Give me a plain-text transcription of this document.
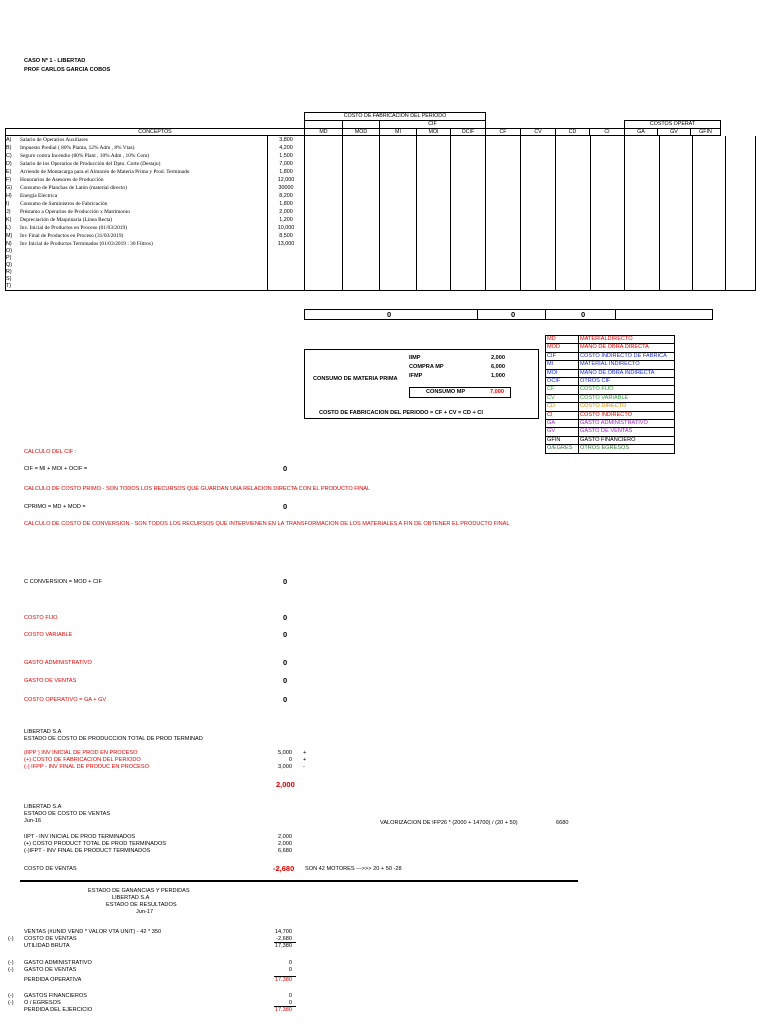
CASO Nº 1 - LIBERTAD
PROF CARLOS GARCIA COBOS
		COSTO DE FABRICACION DEL PERIODO											
				CIF							COSTOS OPERAT		
CONCEPTOS		MD	MOD	MI	MOI	OCIF	CF	CV	CD	CI	GA	GV	GFIN
A) Salario de Operarios Auxiliares	3,800													
B) Impuesto Predial ( 80% Planta, 12% Adm , 8% Vtas)	4,200													
C) Seguro contra Incendio (80% Plant , 10% Adm , 10% Com)	1,500													
D) Salario de los Operarios de Producción del Dpto. Corte (Destajo)	7,000													
E) Arriendo de Montacarga para el Almacén de Materia Prima y Prod. Terminado	1,800													
F) Honorarios de Asesores de Producción	12,000													
G) Consumo de Planchas de Latón (material directo)	30000													
H) Energía Eléctrica	8,200													
I) Consumo de Suministros de Fabricación	1,800													
J) Préstamo a Operarios de Producción x Matrimonio	2,000													
K) Depreciación de Maquinaria (Linea Recta)	1,200													
L) Inv. Inicial de Productos en Proceso (01/03/2019)	10,000													
M) Inv Final de Productos en Proceso (31/03/2019)	8,500													
N) Inv Inicial de Productos Terminados (01/03/2019 : 30 Filtros)	13,000													
O)														
P)														
Q)														
R)														
S)														
T)														
0	0	0
CONSUMO DE MATERIA PRIMA
IIMP	2,000
COMPRA MP	6,000
IFMP	1,000
CONSUMO MP	7,000
COSTO DE FABRICACION DEL PERIODO = CF + CV = CD + CI
MD	MATERIALDIRECTO
MOD	MANO DE OBRA DIRECTA
CIF	COSTO INDIRECTO DE FABRICA
MI	MATERIAL INDIRECTO
MOI	MANO DE OBRA INDIRECTA
OCIF	OTROS CIF
CF	COSTO FIJO
CV	COSTO VARIABLE
CD	COSTO DIRECTO
CI	COSTO INDIRECTO
GA	GASTO ADMINISTRATIVO
GV	GASTO DE VENTAS
GFIN	GASTO FINANCIERO
O/EGRES	OTROS EGRESOS
CALCULO DEL CIF :
CIF = MI + MOI + OCIF =	0
CALCULO DE COSTO PRIMO - SON TODOS LOS RECURSOS QUE GUARDAN UNA RELACION DIRECTA CON EL PRODUCTO FINAL
CPRIMO = MD + MOD =	0
CALCULO DE COSTO DE CONVERSION - SON TODOS LOS RECURSOS QUE INTERVIENEN EN LA TRANSFORMACION DE LOS MATERIALES A FIN DE OBTENER EL PRODUCTO FINAL
C CONVERSION = MOD + CIF	0
COSTO FIJO	0
COSTO VARIABLE	0
GASTO ADMINISTRATIVO	0
GASTO DE VENTAS	0
COSTO OPERATIVO = GA + GV	0
LIBERTAD S.A
ESTADO DE COSTO DE PRODUCCION TOTAL DE PROD TERMINAD
(IIPP ) INV INICIAL DE PROD EN PROCESO	5,000 +
(+) COSTO DE FABRICACION DEL PERIODO	0 +
(-) IFPP - INV FINAL DE PRODUC EN PROCESO	3,000 -
2,000
LIBERTAD S.A
ESTADO DE COSTO DE VENTAS
Jun-16	VALORIZACION DE IFP26 * (2000 + 14700) / (20 + 50)	6680
IIPT - INV INICIAL DE PROD TERMINADOS	2,000
(+) COSTO PRODUCT TOTAL DE PROD TERMINADOS	2,000
(-)IFPT - INV FINAL DE PRODUCT TERMINADOS	6,680
COSTO DE VENTAS	-2,680 SON 42 MOTORES --->>> 20 + 50 -28
ESTADO DE GANANCIAS Y PERDIDAS
LIBERTAD S.A
ESTADO DE RESULTADOS
Jun-17
VENTAS (#UNID VEND * VALOR VTA UNIT) - 42 * 350	14,700
(-) COSTO DE VENTAS	-2,680
UTILIDAD BRUTA	17,380
(-) GASTO ADMINISTRATIVO	0
(-) GASTO DE VENTAS	0
PERDIDA OPERATIVA	17,380
(-) GASTOS FINANCIEROS	0
(-) O / EGRESOS	0
PERDIDA DEL EJERCICIO	17,380
